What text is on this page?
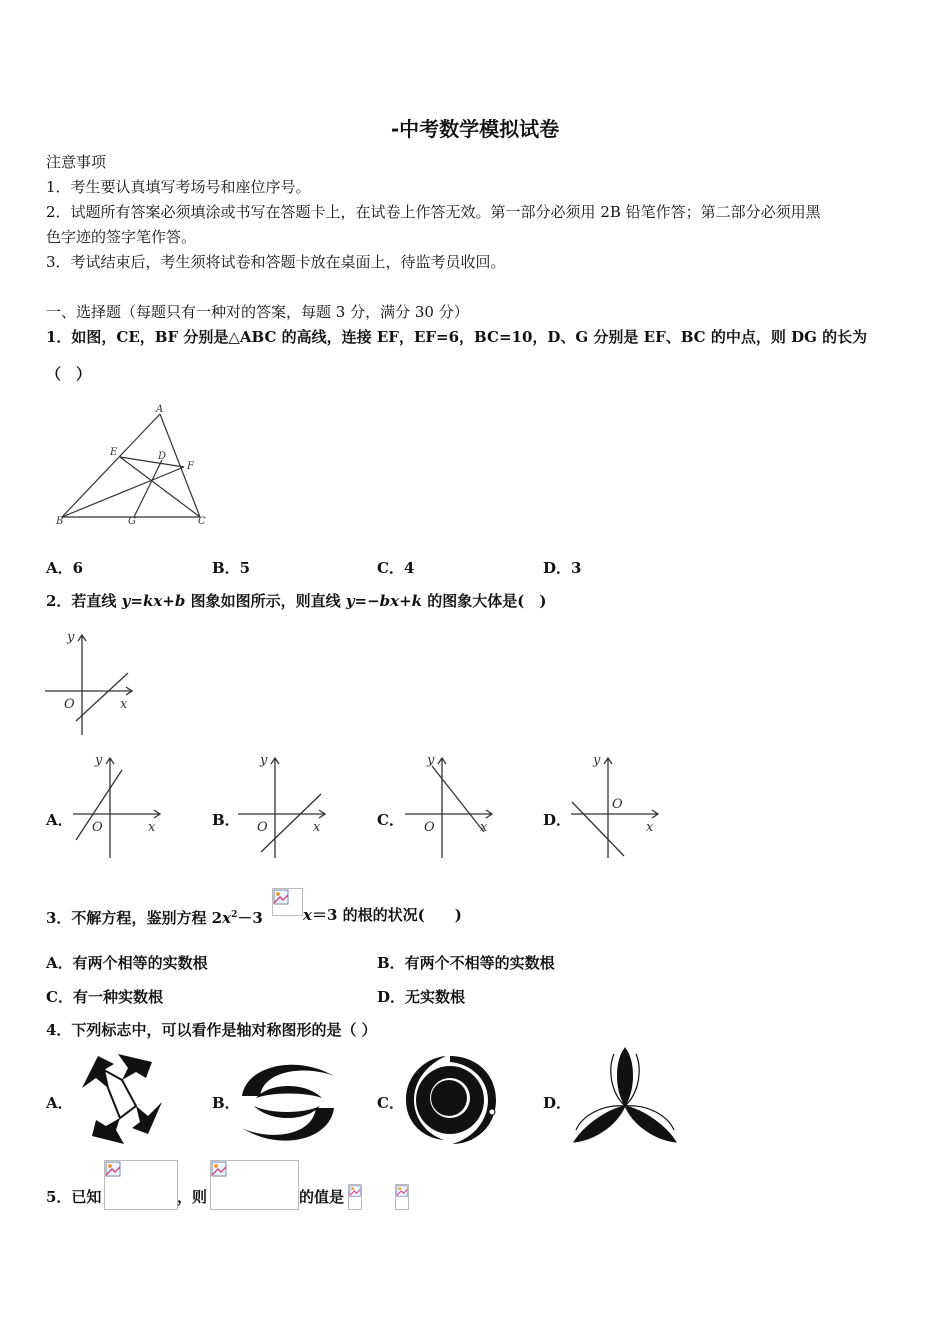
-中考数学模拟试卷
注意事项
1．考生要认真填写考场号和座位序号。
2．试题所有答案必须填涂或书写在答题卡上，在试卷上作答无效。第一部分必须用 2B 铅笔作答；第二部分必须用黑
色字迹的签字笔作答。
3．考试结束后，考生须将试卷和答题卡放在桌面上，待监考员收回。
一、选择题（每题只有一种对的答案，每题 3 分，满分 30 分）
1．如图，CE，BF 分别是△ABC 的高线，连接 EF，EF=6，BC=10，D、G 分别是 EF、BC 的中点，则 DG 的长为
（　）
A
E	D
F
B	G	C
A．6	B．5	C．4	D．3
2．若直线 y=kx+b 图象如图所示，则直线 y=−bx+k 的图象大体是(　)
y
x
O
A．
y
x
O	B．
y
x
O	C．
y
x
O	D．
y
x
O
3．不解方程，鉴别方程 $2x^2-3$	x＝3 的根的状况(　　)
A．有两个相等的实数根	B．有两个不相等的实数根
C．有一种实数根	D．无实数根
4．下列标志中，可以看作是轴对称图形的是（ ）
A．	B．	C．	D．
5．已知	，则	的值是
